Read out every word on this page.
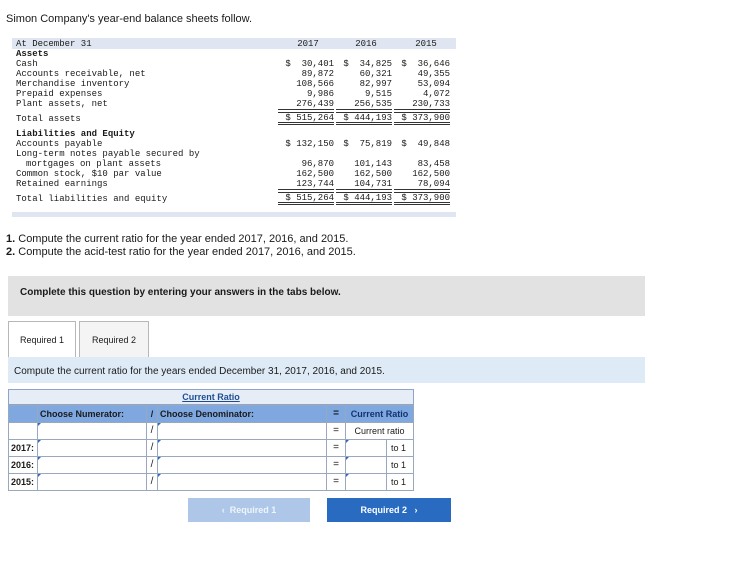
Simon Company's year-end balance sheets follow.
At December 31	2017	2016	2015
Assets
Cash	$  30,401	$  34,825	$  36,646
Accounts receivable, net	89,872	60,321	49,355
Merchandise inventory	108,566	82,997	53,094
Prepaid expenses	9,986	9,515	4,072
Plant assets, net	276,439	256,535	230,733
Total assets	$ 515,264	$ 444,193	$ 373,900
Liabilities and Equity
Accounts payable	$ 132,150	$  75,819	$  49,848
Long-term notes payable secured by
mortgages on plant assets	96,870	101,143	83,458
Common stock, $10 par value	162,500	162,500	162,500
Retained earnings	123,744	104,731	78,094
Total liabilities and equity	$ 515,264	$ 444,193	$ 373,900
1. Compute the current ratio for the year ended 2017, 2016, and 2015.
2. Compute the acid-test ratio for the year ended 2017, 2016, and 2015.
Complete this question by entering your answers in the tabs below.
Required 1	Required 2
Compute the current ratio for the years ended December 31, 2017, 2016, and 2015.
Current Ratio
Choose Numerator:	/ Choose Denominator:	=	Current Ratio
/	=	Current ratio
2017:	/	=	to 1
2016:	/	=	to 1
2015:	/	=	to 1
‹ Required 1	Required 2 ›
